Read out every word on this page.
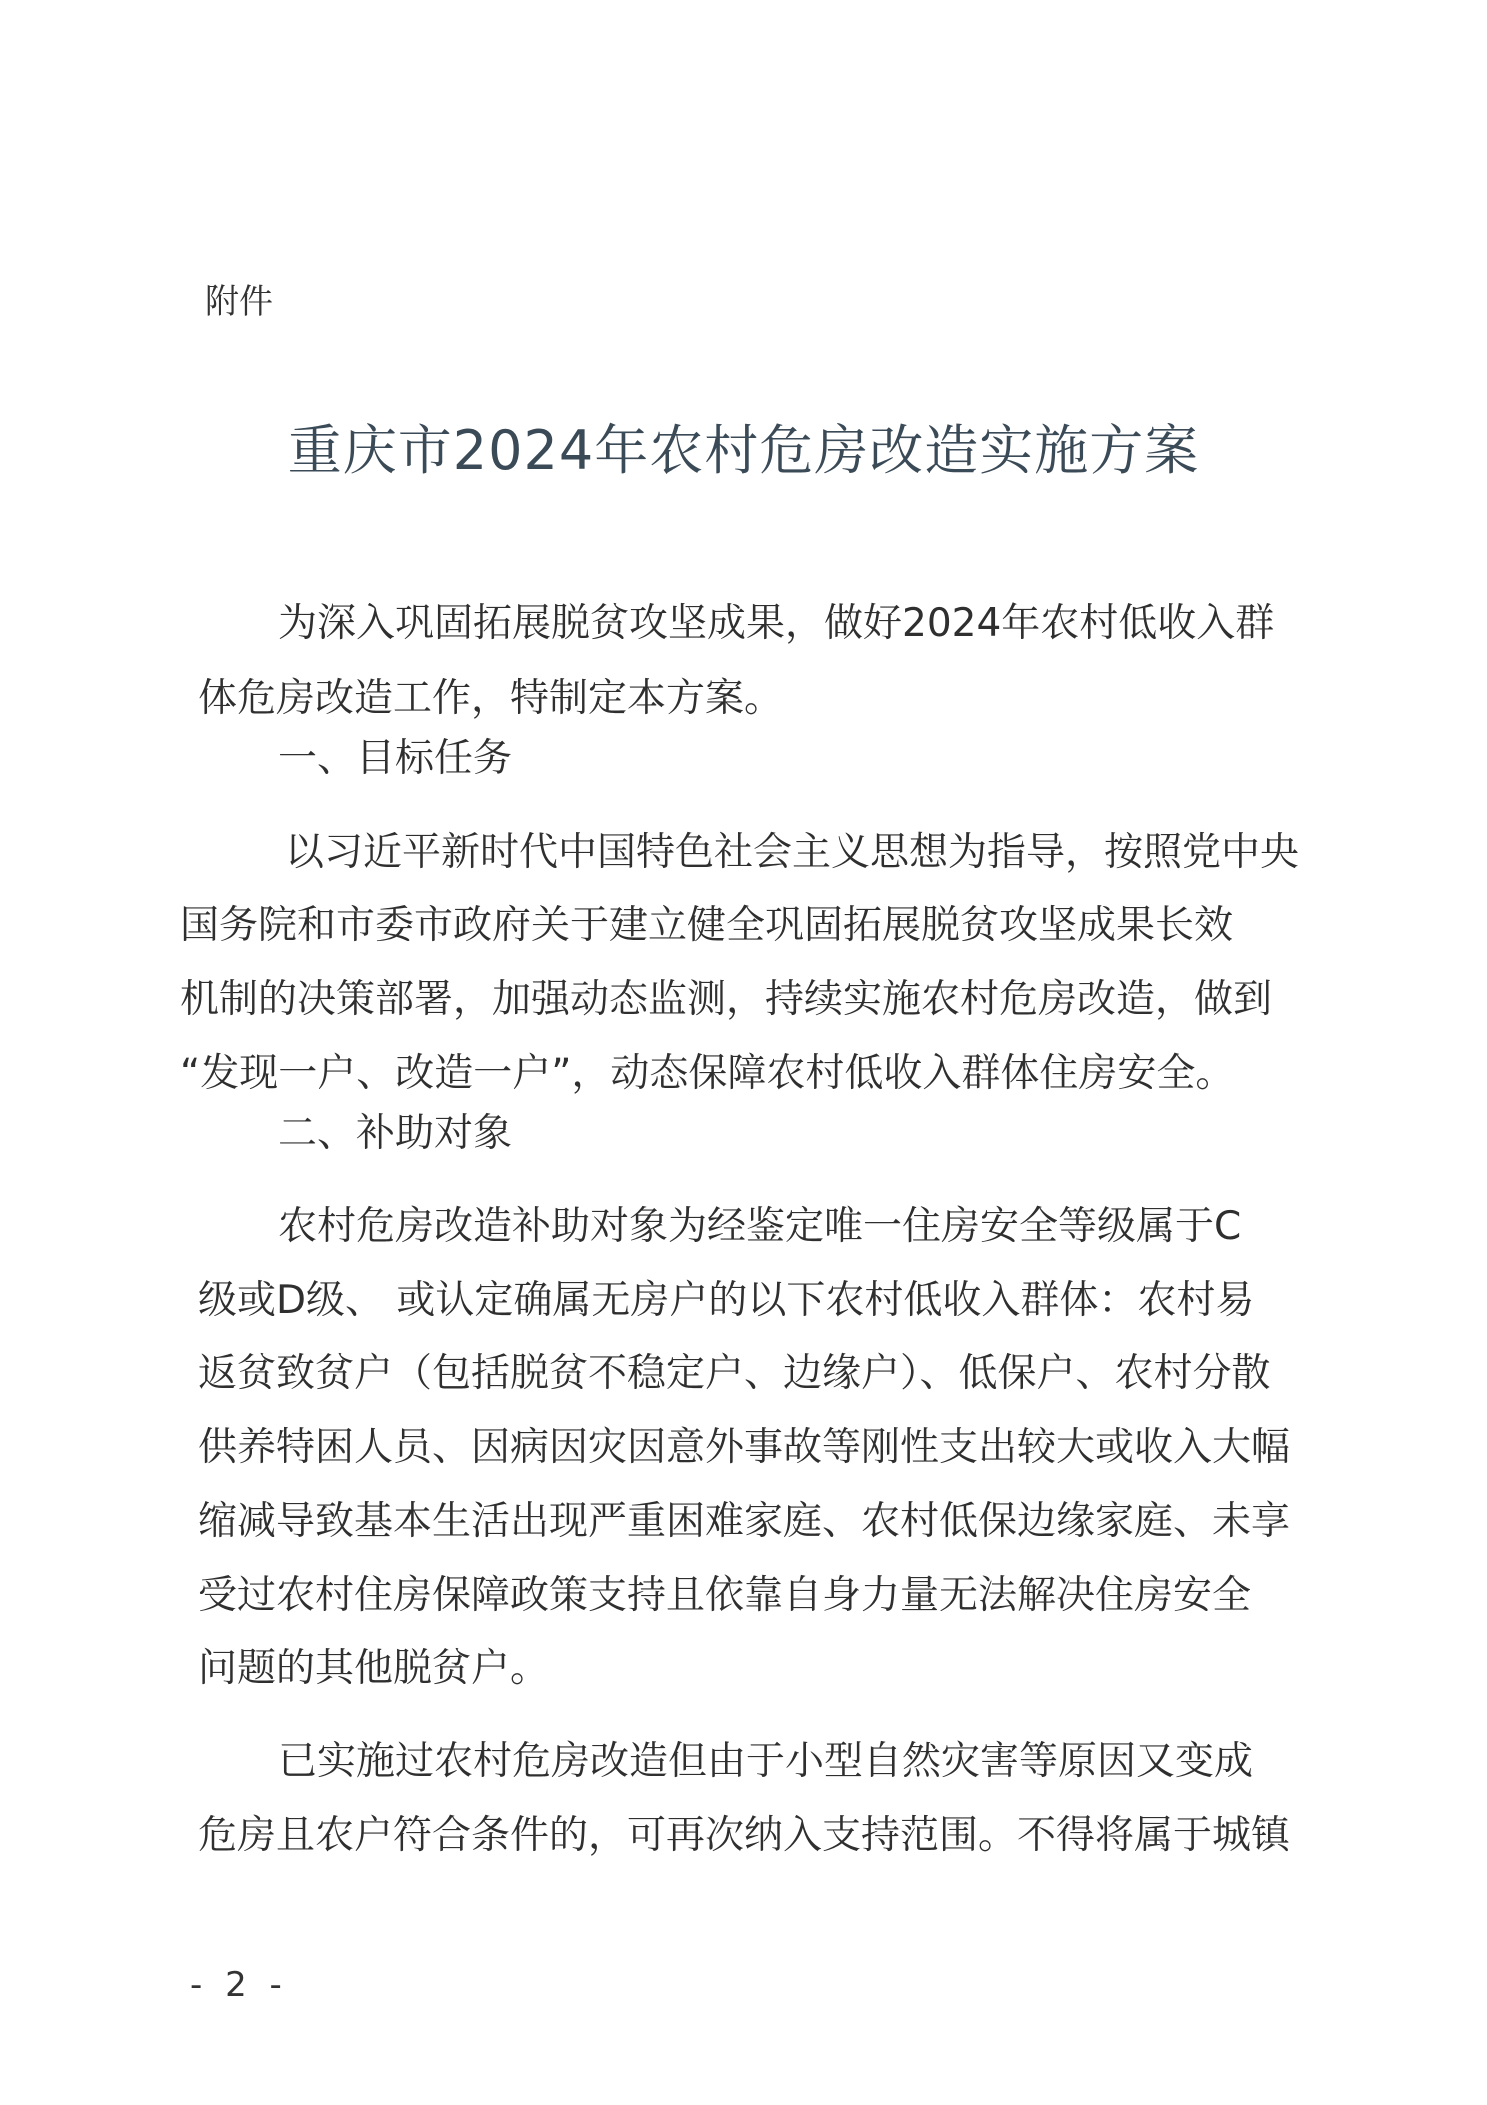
附件
重庆市2024年农村危房改造实施方案
为深入巩固拓展脱贫攻坚成果，做好2024年农村低收入群
体危房改造工作，特制定本方案。
一、目标任务
以习近平新时代中国特色社会主义思想为指导，按照党中央
国务院和市委市政府关于建立健全巩固拓展脱贫攻坚成果长效
机制的决策部署，加强动态监测，持续实施农村危房改造，做到
“发现一户、改造一户”，动态保障农村低收入群体住房安全。
二、补助对象
农村危房改造补助对象为经鉴定唯一住房安全等级属于C
级或D级、 或认定确属无房户的以下农村低收入群体：农村易
返贫致贫户（包括脱贫不稳定户、边缘户）、低保户、农村分散
供养特困人员、因病因灾因意外事故等刚性支出较大或收入大幅
缩减导致基本生活出现严重困难家庭、农村低保边缘家庭、未享
受过农村住房保障政策支持且依靠自身力量无法解决住房安全
问题的其他脱贫户。
已实施过农村危房改造但由于小型自然灾害等原因又变成
危房且农户符合条件的，可再次纳入支持范围。不得将属于城镇
- 2 -
